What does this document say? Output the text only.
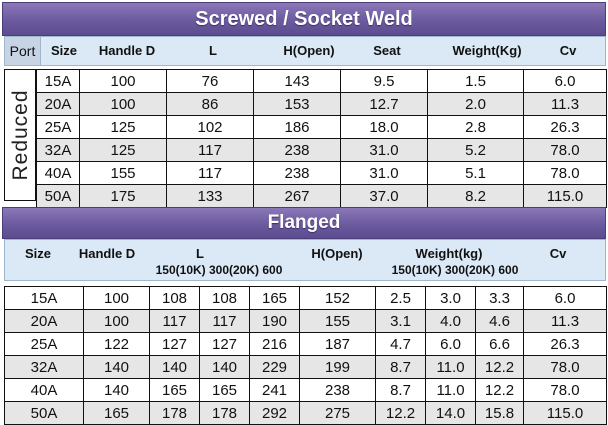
Screwed / Socket Weld
Port	Size	Handle D	L	H(Open)	Seat	Weight(Kg)	Cv
Reduced
15A	100	76	143	9.5	1.5	6.0
20A	100	86	153	12.7	2.0	11.3
25A	125	102	186	18.0	2.8	26.3
32A	125	117	238	31.0	5.2	78.0
40A	155	117	238	31.0	5.1	78.0
50A	175	133	267	37.0	8.2	115.0
Flanged
Size	Handle D	L
150(10K) 300(20K) 600
H(Open)	Weight(kg)
150(10K) 300(20K) 600
Cv
15A	100	108	108	165	152	2.5	3.0	3.3	6.0
20A	100	117	117	190	155	3.1	4.0	4.6	11.3
25A	122	127	127	216	187	4.7	6.0	6.6	26.3
32A	140	140	140	229	199	8.7	11.0	12.2	78.0
40A	140	165	165	241	238	8.7	11.0	12.2	78.0
50A	165	178	178	292	275	12.2	14.0	15.8	115.0
